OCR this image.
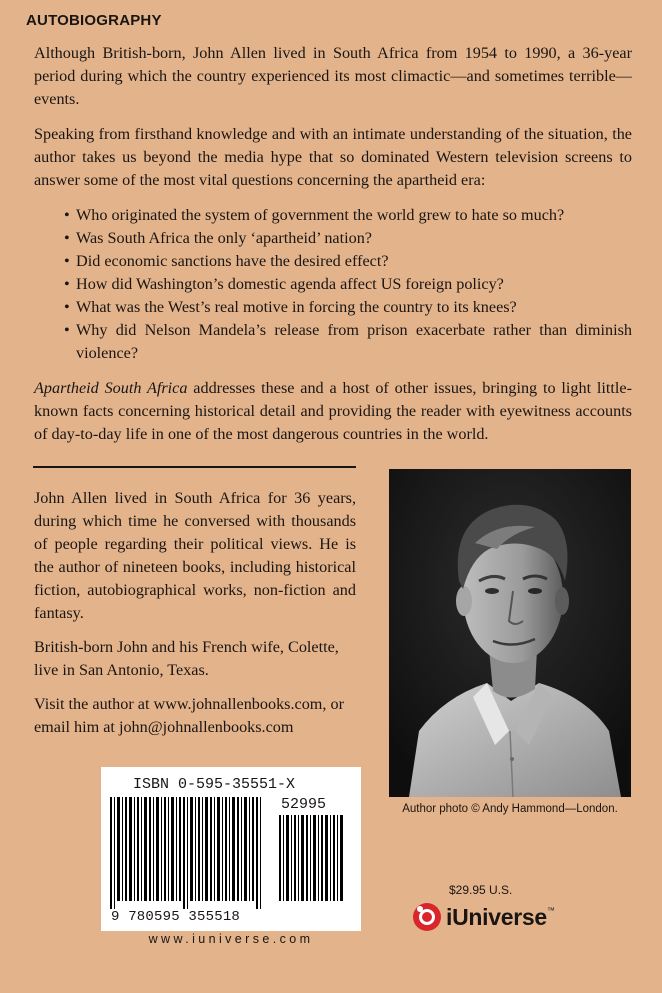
AUTOBIOGRAPHY

Although British-born, John Allen lived in South Africa from 1954 to 1990, a 36-year period during which the country experienced its most climactic—and sometimes terrible—events.

Speaking from firsthand knowledge and with an intimate understanding of the situation, the author takes us beyond the media hype that so dominated Western television screens to answer some of the most vital questions concerning the apartheid era:

• Who originated the system of government the world grew to hate so much?
• Was South Africa the only ‘apartheid’ nation?
• Did economic sanctions have the desired effect?
• How did Washington’s domestic agenda affect US foreign policy?
• What was the West’s real motive in forcing the country to its knees?
• Why did Nelson Mandela’s release from prison exacerbate rather than diminish violence?

Apartheid South Africa addresses these and a host of other issues, bringing to light little-known facts concerning historical detail and providing the reader with eyewitness accounts of day-to-day life in one of the most dangerous countries in the world.

John Allen lived in South Africa for 36 years, during which time he conversed with thousands of people regarding their political views. He is the author of nineteen books, including historical fiction, autobiographical works, non-fiction and fantasy.

British-born John and his French wife, Colette, live in San Antonio, Texas.

Visit the author at www.johnallenbooks.com, or email him at john@johnallenbooks.com

Author photo © Andy Hammond—London.
ISBN 0-595-35551-X
52995
9 780595 355518
www.iuniverse.com
$29.95 U.S.
iUniverse ™
